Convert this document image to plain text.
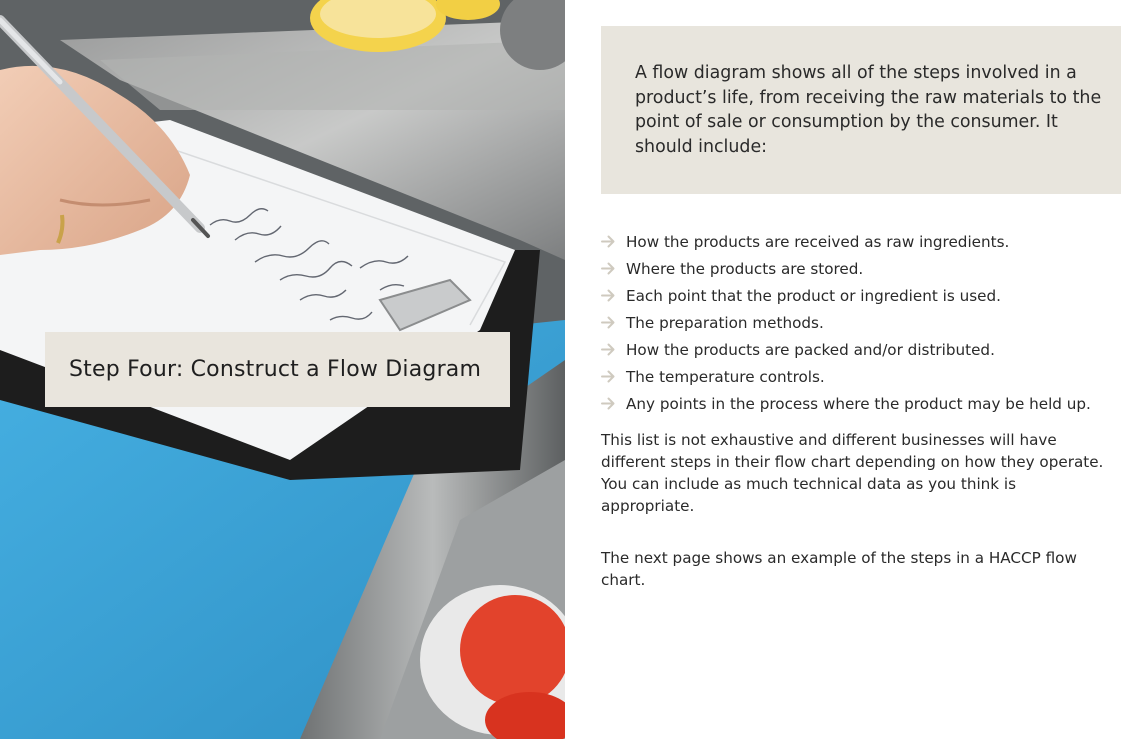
Step Four: Construct a Flow Diagram

A flow diagram shows all of the steps involved in a product’s life, from receiving the raw materials to the point of sale or consumption by the consumer. It should include:

How the products are received as raw ingredients.
Where the products are stored.
Each point that the product or ingredient is used.
The preparation methods.
How the products are packed and/or distributed.
The temperature controls.
Any points in the process where the product may be held up.

This list is not exhaustive and different businesses will have different steps in their flow chart depending on how they operate. You can include as much technical data as you think is appropriate.

The next page shows an example of the steps in a HACCP flow chart.
